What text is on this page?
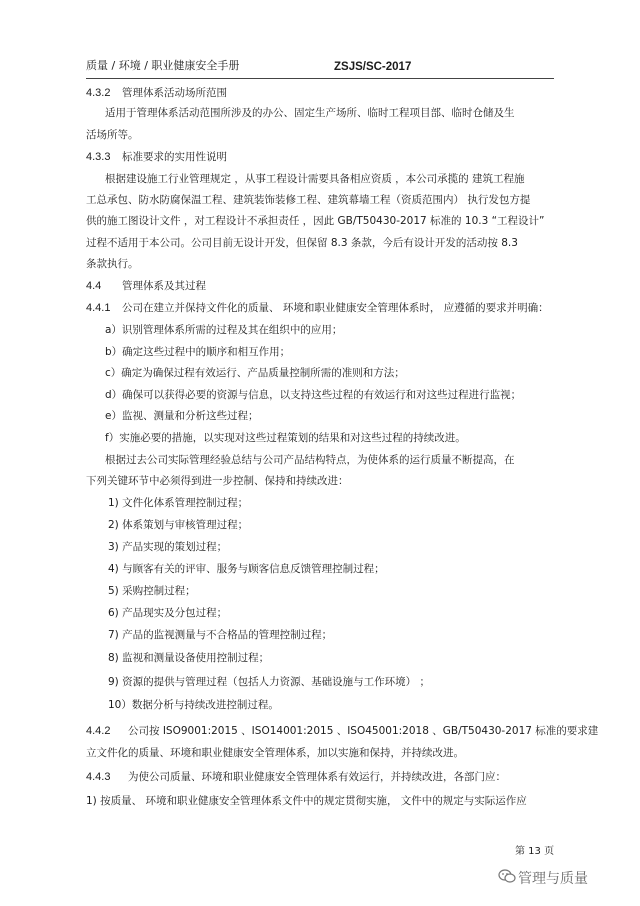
质量 / 环境 / 职业健康安全手册	ZSJS/SC-2017
4.3.2 管理体系活动场所范围
适用于管理体系活动范围所涉及的办公、固定生产场所、临时工程项目部、临时仓储及生
活场所等。
4.3.3 标准要求的实用性说明
根据建设施工行业管理规定 ，从事工程设计需要具备相应资质 ，本公司承揽的 建筑工程施
工总承包、防水防腐保温工程、建筑装饰装修工程、建筑幕墙工程（资质范围内） 执行发包方提
供的施工图设计文件 ，对工程设计不承担责任 ，因此 GB/T50430-2017 标准的 10.3 “工程设计”
过程不适用于本公司。公司目前无设计开发，但保留 8.3 条款，今后有设计开发的活动按 8.3
条款执行。
4.4 管理体系及其过程
4.4.1 公司在建立并保持文件化的质量、 环境和职业健康安全管理体系时， 应遵循的要求并明确：
a）识别管理体系所需的过程及其在组织中的应用；
b）确定这些过程中的顺序和相互作用；
c）确定为确保过程有效运行、产品质量控制所需的准则和方法；
d）确保可以获得必要的资源与信息，以支持这些过程的有效运行和对这些过程进行监视；
e）监视、测量和分析这些过程；
f）实施必要的措施，以实现对这些过程策划的结果和对这些过程的持续改进。
根据过去公司实际管理经验总结与公司产品结构特点，为使体系的运行质量不断提高，在
下列关键环节中必须得到进一步控制、保持和持续改进：
1) 文件化体系管理控制过程；
2) 体系策划与审核管理过程；
3) 产品实现的策划过程；
4) 与顾客有关的评审、服务与顾客信息反馈管理控制过程；
5) 采购控制过程；
6) 产品现实及分包过程；
7) 产品的监视测量与不合格品的管理控制过程；
8) 监视和测量设备使用控制过程；
9) 资源的提供与管理过程（包括人力资源、基础设施与工作环境） ；
10）数据分析与持续改进控制过程。
4.4.2 公司按 ISO9001:2015 、ISO14001:2015 、ISO45001:2018 、GB/T50430-2017 标准的要求建
立文件化的质量、环境和职业健康安全管理体系，加以实施和保持，并持续改进。
4.4.3 为使公司质量、环境和职业健康安全管理体系有效运行，并持续改进，各部门应：
1) 按质量、 环境和职业健康安全管理体系文件中的规定贯彻实施， 文件中的规定与实际运作应
第 13 页
管理与质量
